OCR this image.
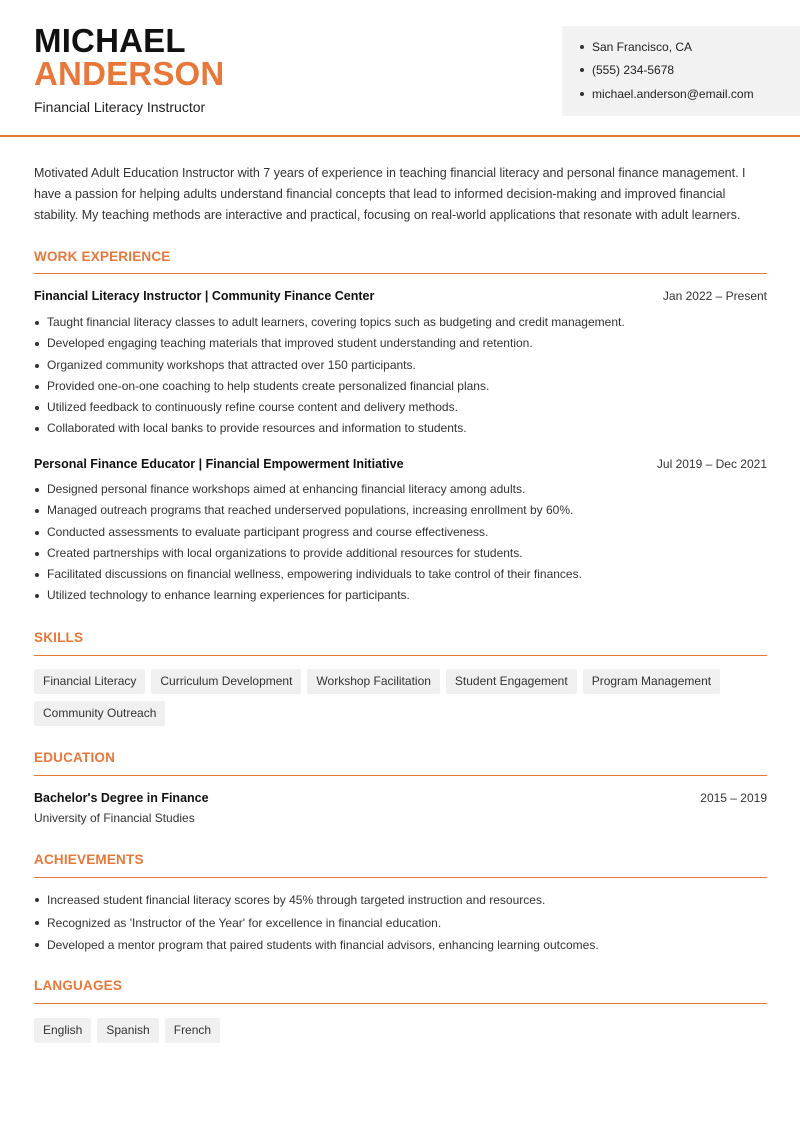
MICHAEL
ANDERSON
Financial Literacy Instructor
San Francisco, CA
(555) 234-5678
michael.anderson@email.com
Motivated Adult Education Instructor with 7 years of experience in teaching financial literacy and personal finance management. I have a passion for helping adults understand financial concepts that lead to informed decision-making and improved financial stability. My teaching methods are interactive and practical, focusing on real-world applications that resonate with adult learners.
WORK EXPERIENCE
Financial Literacy Instructor | Community Finance Center	Jan 2022 – Present
Taught financial literacy classes to adult learners, covering topics such as budgeting and credit management.
Developed engaging teaching materials that improved student understanding and retention.
Organized community workshops that attracted over 150 participants.
Provided one-on-one coaching to help students create personalized financial plans.
Utilized feedback to continuously refine course content and delivery methods.
Collaborated with local banks to provide resources and information to students.
Personal Finance Educator | Financial Empowerment Initiative	Jul 2019 – Dec 2021
Designed personal finance workshops aimed at enhancing financial literacy among adults.
Managed outreach programs that reached underserved populations, increasing enrollment by 60%.
Conducted assessments to evaluate participant progress and course effectiveness.
Created partnerships with local organizations to provide additional resources for students.
Facilitated discussions on financial wellness, empowering individuals to take control of their finances.
Utilized technology to enhance learning experiences for participants.
SKILLS
Financial Literacy Curriculum Development Workshop Facilitation Student Engagement Program ManagementCommunity Outreach
EDUCATION
Bachelor's Degree in Finance	2015 – 2019
University of Financial Studies
ACHIEVEMENTS
Increased student financial literacy scores by 45% through targeted instruction and resources.
Recognized as 'Instructor of the Year' for excellence in financial education.
Developed a mentor program that paired students with financial advisors, enhancing learning outcomes.
LANGUAGES
English Spanish French
